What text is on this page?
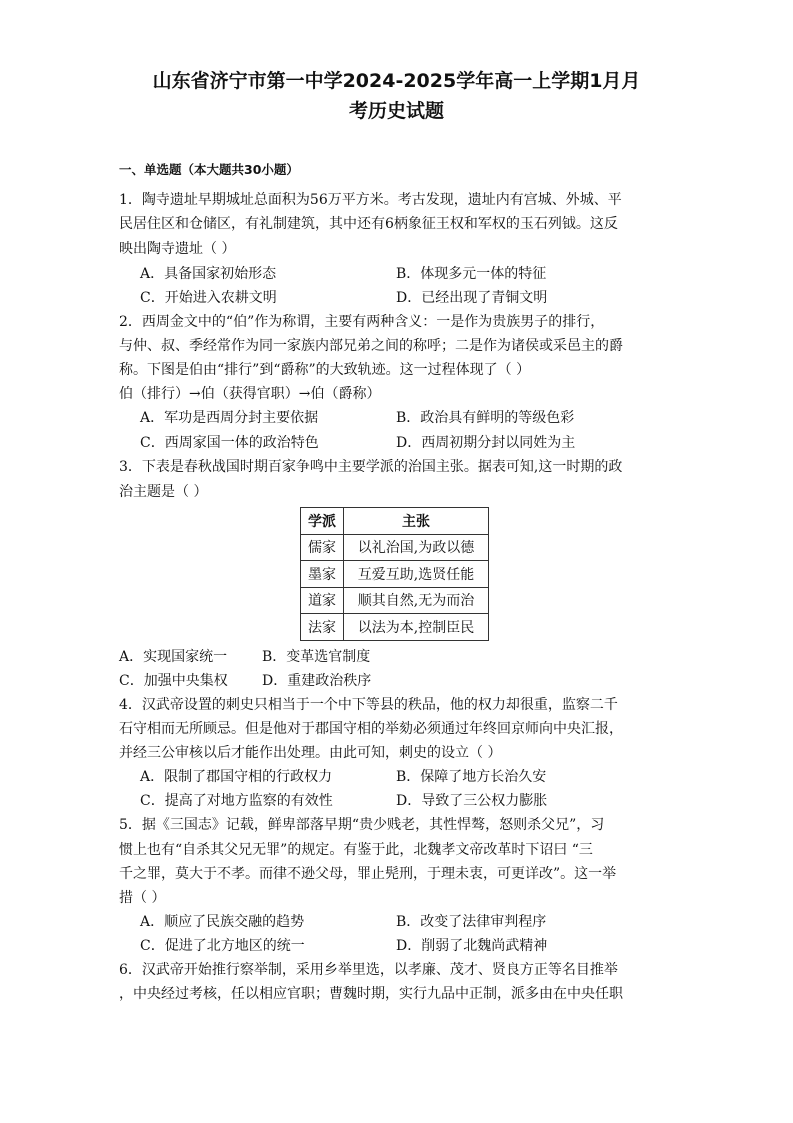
山东省济宁市第一中学2024-2025学年高一上学期1月月
考历史试题
一、单选题（本大题共30小题）
1．陶寺遗址早期城址总面积为56万平方米。考古发现，遗址内有宫城、外城、平
民居住区和仓储区，有礼制建筑，其中还有6柄象征王权和军权的玉石列钺。这反
映出陶寺遗址（ ）
A．具备国家初始形态	B．体现多元一体的特征
C．开始进入农耕文明	D．已经出现了青铜文明
2．西周金文中的“伯”作为称谓，主要有两种含义：一是作为贵族男子的排行，
与仲、叔、季经常作为同一家族内部兄弟之间的称呼；二是作为诸侯或采邑主的爵
称。下图是伯由“排行”到“爵称”的大致轨迹。这一过程体现了（ ）
伯（排行）→伯（获得官职）→伯（爵称）
A．军功是西周分封主要依据	B．政治具有鲜明的等级色彩
C．西周家国一体的政治特色	D．西周初期分封以同姓为主
3．下表是春秋战国时期百家争鸣中主要学派的治国主张。据表可知,这一时期的政
治主题是（ ）
学派	主张
儒家	以礼治国,为政以德
墨家	互爱互助,选贤任能
道家	顺其自然,无为而治
法家	以法为本,控制臣民
A．实现国家统一 B．变革选官制度
C．加强中央集权 D．重建政治秩序
4．汉武帝设置的刺史只相当于一个中下等县的秩品，他的权力却很重，监察二千
石守相而无所顾忌。但是他对于郡国守相的举劾必须通过年终回京师向中央汇报，
并经三公审核以后才能作出处理。由此可知，刺史的设立（ ）
A．限制了郡国守相的行政权力	B．保障了地方长治久安
C．提高了对地方监察的有效性	D．导致了三公权力膨胀
5．据《三国志》记载，鲜卑部落早期“贵少贱老，其性悍骜，怒则杀父兄”，习
惯上也有“自杀其父兄无罪”的规定。有鉴于此，北魏孝文帝改革时下诏曰 “三
千之罪，莫大于不孝。而律不逊父母，罪止髡刑，于理未衷，可更详改”。这一举
措（ ）
A．顺应了民族交融的趋势	B．改变了法律审判程序
C．促进了北方地区的统一	D．削弱了北魏尚武精神
6．汉武帝开始推行察举制，采用乡举里选，以孝廉、茂才、贤良方正等名目推举
，中央经过考核，任以相应官职；曹魏时期，实行九品中正制，派多由在中央任职
